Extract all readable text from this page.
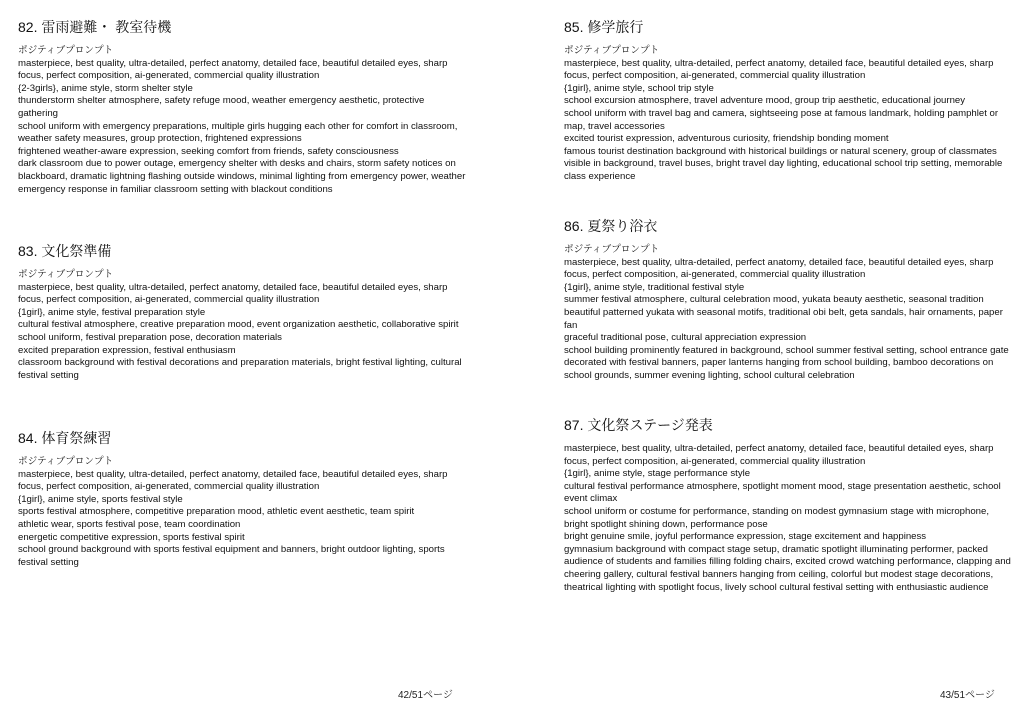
82. 雷雨避難・ 教室待機
ポジティブプロンプト
masterpiece, best quality, ultra-detailed, perfect anatomy, detailed face, beautiful detailed eyes, sharp focus, perfect composition, ai-generated, commercial quality illustration
{2-3girls}, anime style, storm shelter style
thunderstorm shelter atmosphere, safety refuge mood, weather emergency aesthetic, protective gathering
school uniform with emergency preparations, multiple girls hugging each other for comfort in classroom, weather safety measures, group protection, frightened expressions
frightened weather-aware expression, seeking comfort from friends, safety consciousness
dark classroom due to power outage, emergency shelter with desks and chairs, storm safety notices on blackboard, dramatic lightning flashing outside windows, minimal lighting from emergency power, weather emergency response in familiar classroom setting with blackout conditions
83. 文化祭準備
ポジティブプロンプト
masterpiece, best quality, ultra-detailed, perfect anatomy, detailed face, beautiful detailed eyes, sharp focus, perfect composition, ai-generated, commercial quality illustration
{1girl}, anime style, festival preparation style
cultural festival atmosphere, creative preparation mood, event organization aesthetic, collaborative spirit
school uniform, festival preparation pose, decoration materials
excited preparation expression, festival enthusiasm
classroom background with festival decorations and preparation materials, bright festival lighting, cultural festival setting
84. 体育祭練習
ポジティブプロンプト
masterpiece, best quality, ultra-detailed, perfect anatomy, detailed face, beautiful detailed eyes, sharp focus, perfect composition, ai-generated, commercial quality illustration
{1girl}, anime style, sports festival style
sports festival atmosphere, competitive preparation mood, athletic event aesthetic, team spirit
athletic wear, sports festival pose, team coordination
energetic competitive expression, sports festival spirit
school ground background with sports festival equipment and banners, bright outdoor lighting, sports festival setting
42/51ページ
85. 修学旅行
ポジティブプロンプト
masterpiece, best quality, ultra-detailed, perfect anatomy, detailed face, beautiful detailed eyes, sharp focus, perfect composition, ai-generated, commercial quality illustration
{1girl}, anime style, school trip style
school excursion atmosphere, travel adventure mood, group trip aesthetic, educational journey
school uniform with travel bag and camera, sightseeing pose at famous landmark, holding pamphlet or map, travel accessories
excited tourist expression, adventurous curiosity, friendship bonding moment
famous tourist destination background with historical buildings or natural scenery, group of classmates visible in background, travel buses, bright travel day lighting, educational school trip setting, memorable class experience
86. 夏祭り浴衣
ポジティブプロンプト
masterpiece, best quality, ultra-detailed, perfect anatomy, detailed face, beautiful detailed eyes, sharp focus, perfect composition, ai-generated, commercial quality illustration
{1girl}, anime style, traditional festival style
summer festival atmosphere, cultural celebration mood, yukata beauty aesthetic, seasonal tradition
beautiful patterned yukata with seasonal motifs, traditional obi belt, geta sandals, hair ornaments, paper fan
graceful traditional pose, cultural appreciation expression
school building prominently featured in background, school summer festival setting, school entrance gate decorated with festival banners, paper lanterns hanging from school building, bamboo decorations on school grounds, summer evening lighting, school cultural celebration
87. 文化祭ステージ発表
masterpiece, best quality, ultra-detailed, perfect anatomy, detailed face, beautiful detailed eyes, sharp focus, perfect composition, ai-generated, commercial quality illustration
{1girl}, anime style, stage performance style
cultural festival performance atmosphere, spotlight moment mood, stage presentation aesthetic, school event climax
school uniform or costume for performance, standing on modest gymnasium stage with microphone, bright spotlight shining down, performance pose
bright genuine smile, joyful performance expression, stage excitement and happiness
gymnasium background with compact stage setup, dramatic spotlight illuminating performer, packed audience of students and families filling folding chairs, excited crowd watching performance, clapping and cheering gallery, cultural festival banners hanging from ceiling, colorful but modest stage decorations, theatrical lighting with spotlight focus, lively school cultural festival setting with enthusiastic audience
43/51ページ
